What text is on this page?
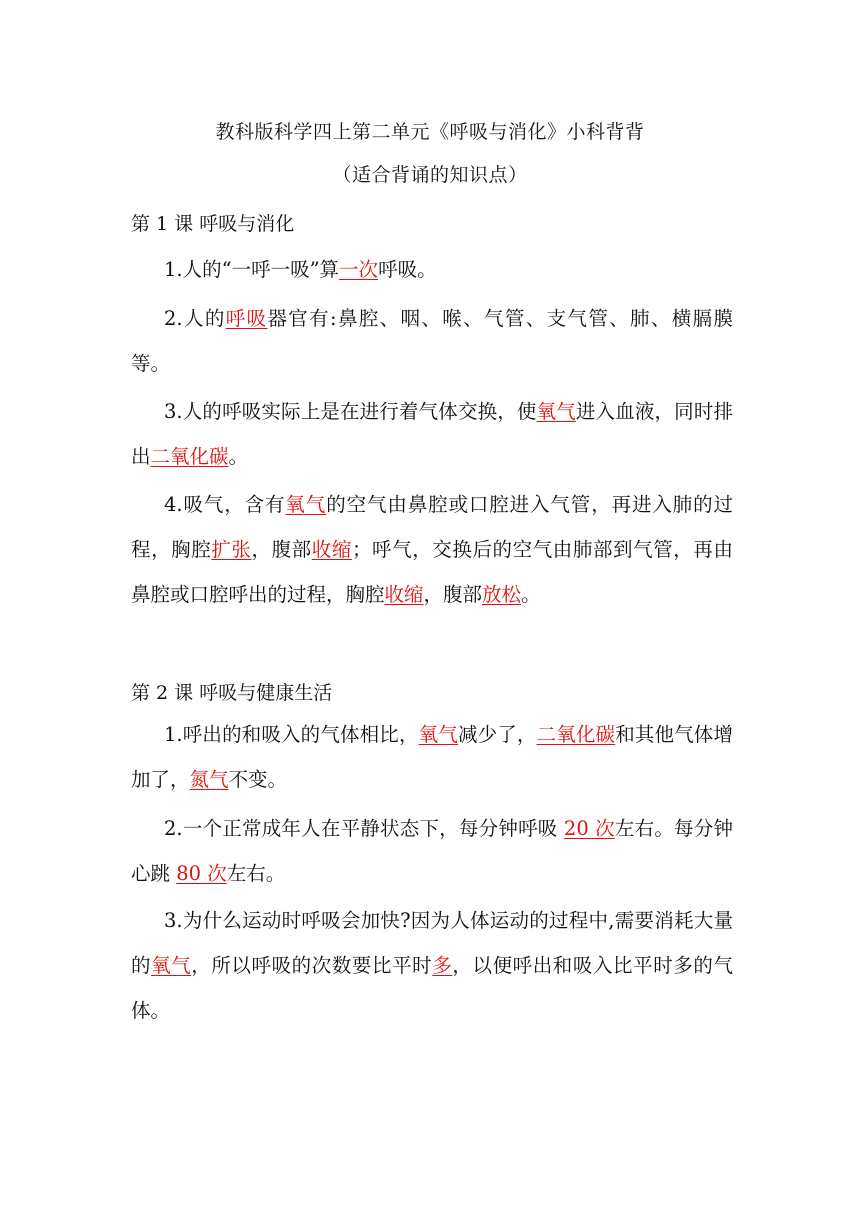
教科版科学四上第二单元《呼吸与消化》小科背背
（适合背诵的知识点）
第 1 课 呼吸与消化
1.人的“一呼一吸”算一次呼吸。
2.人的呼吸器官有:鼻腔、咽、喉、气管、支气管、肺、横膈膜等。
3.人的呼吸实际上是在进行着气体交换，使氧气进入血液，同时排出二氧化碳。
4.吸气，含有氧气的空气由鼻腔或口腔进入气管，再进入肺的过程，胸腔扩张，腹部收缩；呼气，交换后的空气由肺部到气管，再由鼻腔或口腔呼出的过程，胸腔收缩，腹部放松。
第 2 课 呼吸与健康生活
1.呼出的和吸入的气体相比，氧气减少了，二氧化碳和其他气体增加了，氮气不变。
2.一个正常成年人在平静状态下，每分钟呼吸 20 次左右。每分钟心跳 80 次左右。
3.为什么运动时呼吸会加快?因为人体运动的过程中,需要消耗大量的氧气，所以呼吸的次数要比平时多，以便呼出和吸入比平时多的气体。
